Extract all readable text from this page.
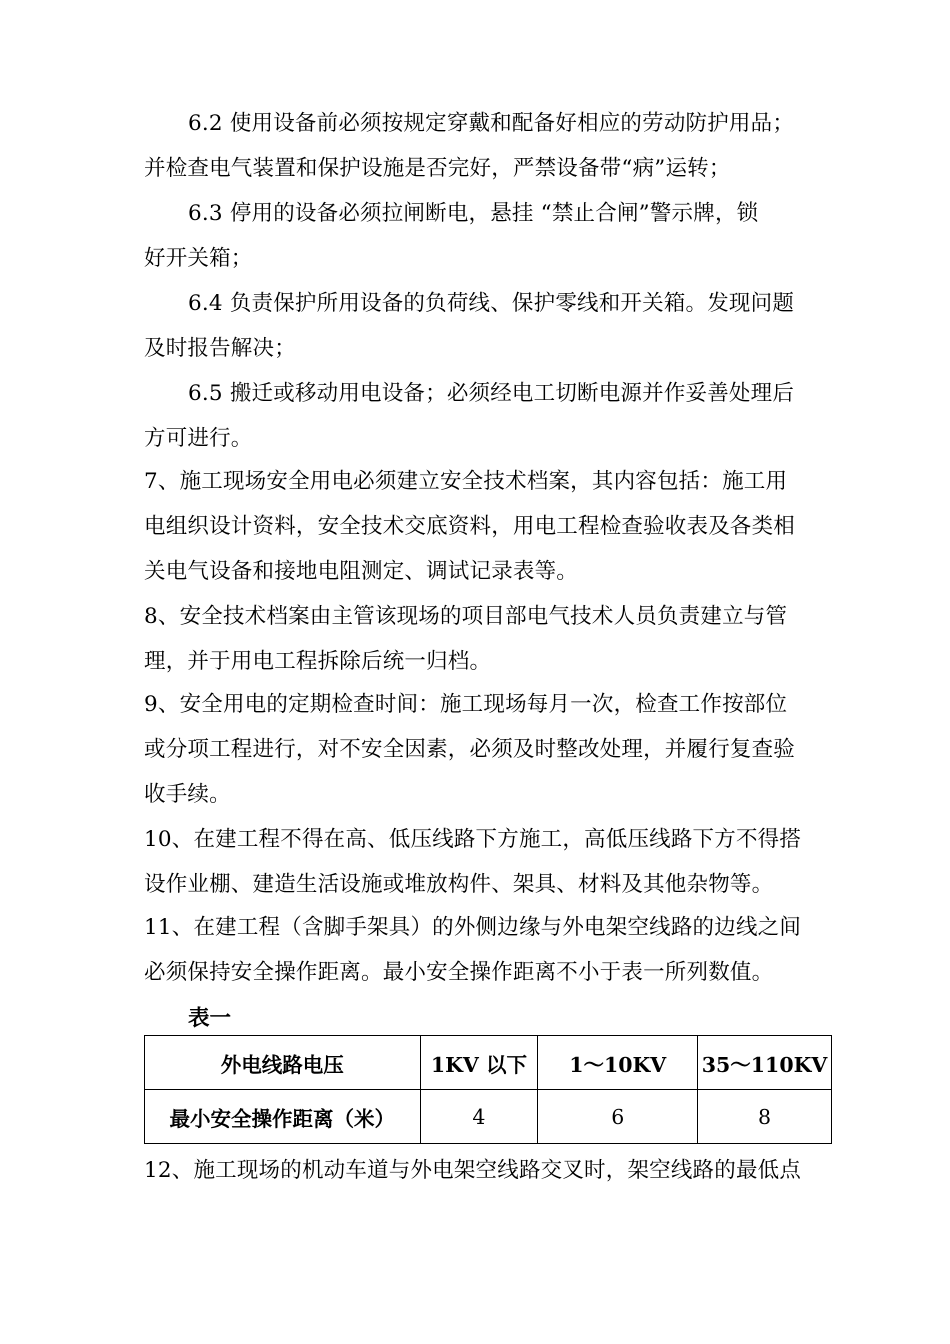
6.2 使用设备前必须按规定穿戴和配备好相应的劳动防护用品；
并检查电气装置和保护设施是否完好，严禁设备带“病”运转；
6.3 停用的设备必须拉闸断电，悬挂 “禁止合闸”警示牌，锁
好开关箱；
6.4 负责保护所用设备的负荷线、保护零线和开关箱。发现问题
及时报告解决；
6.5 搬迁或移动用电设备；必须经电工切断电源并作妥善处理后
方可进行。
7、施工现场安全用电必须建立安全技术档案，其内容包括：施工用
电组织设计资料，安全技术交底资料，用电工程检查验收表及各类相
关电气设备和接地电阻测定、调试记录表等。
8、安全技术档案由主管该现场的项目部电气技术人员负责建立与管
理，并于用电工程拆除后统一归档。
9、安全用电的定期检查时间：施工现场每月一次，检查工作按部位
或分项工程进行，对不安全因素，必须及时整改处理，并履行复查验
收手续。
10、在建工程不得在高、低压线路下方施工，高低压线路下方不得搭
设作业棚、建造生活设施或堆放构件、架具、材料及其他杂物等。
11、在建工程（含脚手架具）的外侧边缘与外电架空线路的边线之间
必须保持安全操作距离。最小安全操作距离不小于表一所列数值。
表一
外电线路电压	1KV 以下	1～10KV	35～110KV
最小安全操作距离（米）	4	6	8
12、施工现场的机动车道与外电架空线路交叉时，架空线路的最低点
